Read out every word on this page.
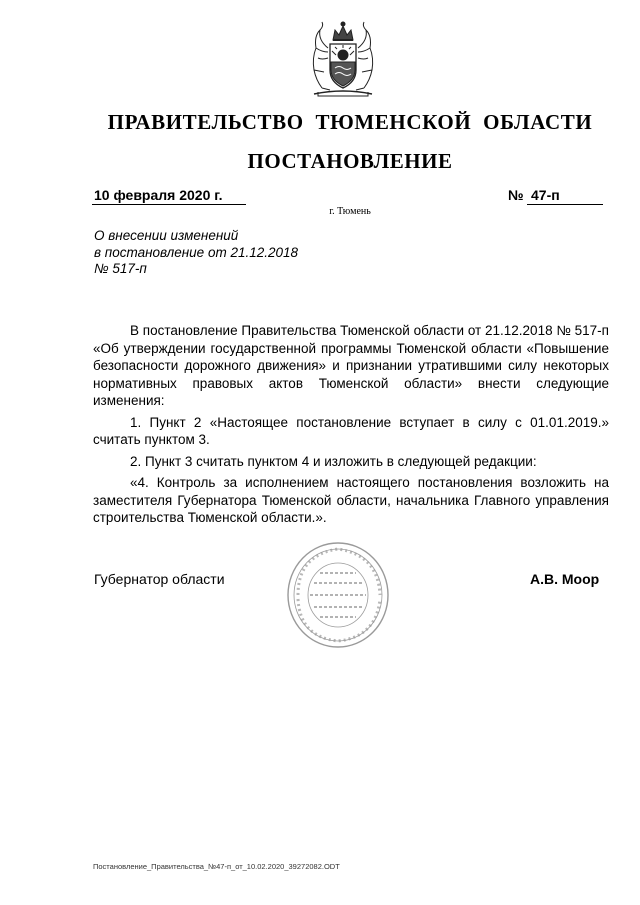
ПРАВИТЕЛЬСТВО ТЮМЕНСКОЙ ОБЛАСТИ
ПОСТАНОВЛЕНИЕ
10 февраля 2020 г.	№ 47-п
г. Тюмень
О внесении изменений
в постановление от 21.12.2018
№ 517-п

В постановление Правительства Тюменской области от 21.12.2018 № 517-п «Об утверждении государственной программы Тюменской области «Повышение безопасности дорожного движения» и признании утратившими силу некоторых нормативных правовых актов Тюменской области» внести следующие изменения:

1. Пункт 2 «Настоящее постановление вступает в силу с 01.01.2019.» считать пунктом 3.

2. Пункт 3 считать пунктом 4 и изложить в следующей редакции:

«4. Контроль за исполнением настоящего постановления возложить на заместителя Губернатора Тюменской области, начальника Главного управления строительства Тюменской области.».

Губернатор области	А.В. Моор
Постановление_Правительства_№47-п_от_10.02.2020_39272082.ODT
